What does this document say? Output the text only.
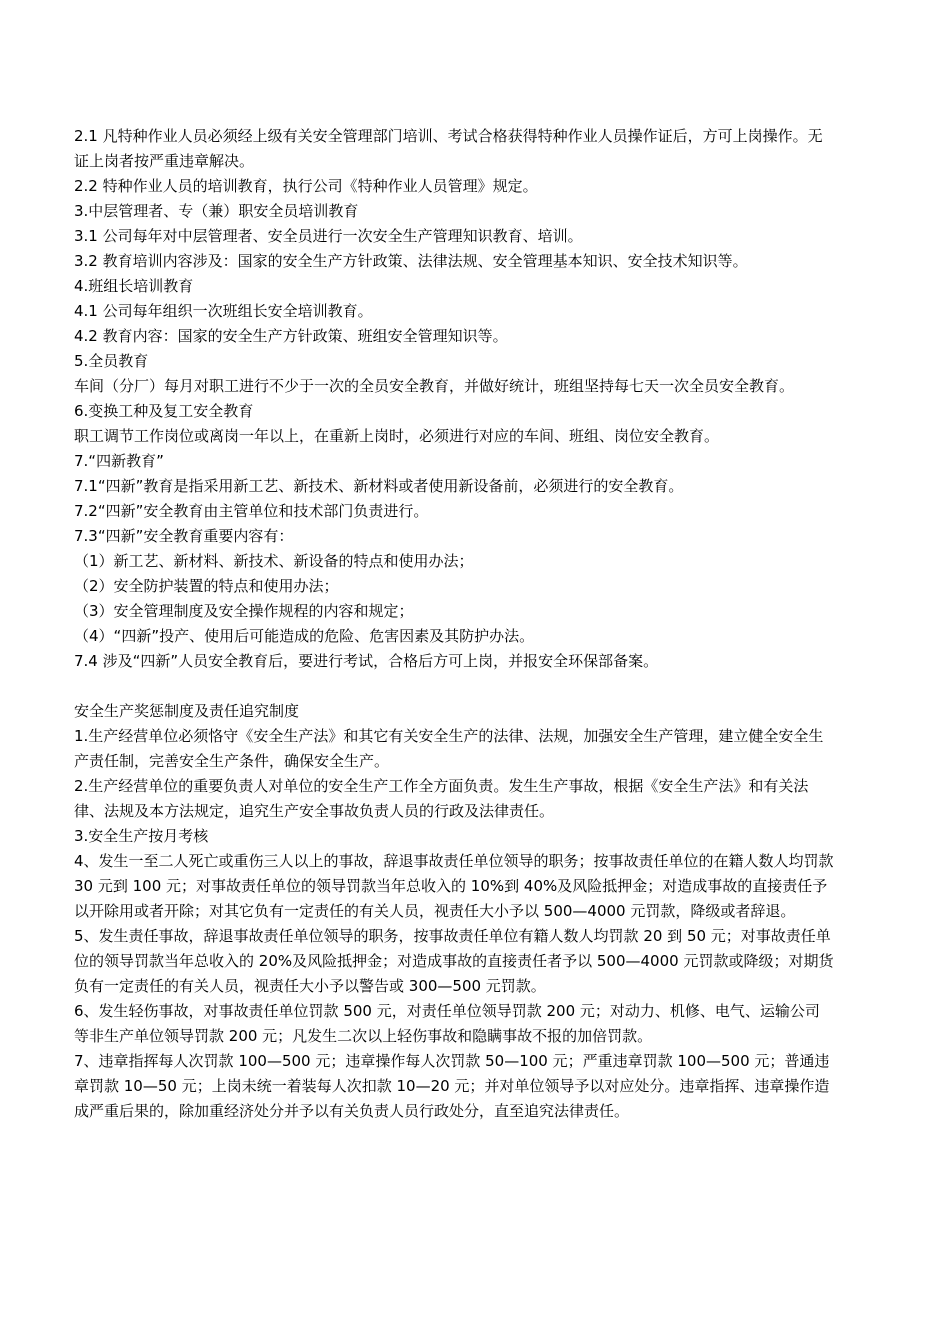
2.1 凡特种作业人员必须经上级有关安全管理部门培训、考试合格获得特种作业人员操作证后，方可上岗操作。无证上岗者按严重违章解决。

2.2 特种作业人员的培训教育，执行公司《特种作业人员管理》规定。

3.中层管理者、专（兼）职安全员培训教育

3.1 公司每年对中层管理者、安全员进行一次安全生产管理知识教育、培训。

3.2 教育培训内容涉及：国家的安全生产方针政策、法律法规、安全管理基本知识、安全技术知识等。

4.班组长培训教育

4.1 公司每年组织一次班组长安全培训教育。

4.2 教育内容：国家的安全生产方针政策、班组安全管理知识等。

5.全员教育

车间（分厂）每月对职工进行不少于一次的全员安全教育，并做好统计，班组坚持每七天一次全员安全教育。

6.变换工种及复工安全教育

职工调节工作岗位或离岗一年以上，在重新上岗时，必须进行对应的车间、班组、岗位安全教育。

7.“四新教育”

7.1“四新”教育是指采用新工艺、新技术、新材料或者使用新设备前，必须进行的安全教育。

7.2“四新”安全教育由主管单位和技术部门负责进行。

7.3“四新”安全教育重要内容有：

（1）新工艺、新材料、新技术、新设备的特点和使用办法；

（2）安全防护装置的特点和使用办法；

（3）安全管理制度及安全操作规程的内容和规定；

（4）“四新”投产、使用后可能造成的危险、危害因素及其防护办法。

7.4 涉及“四新”人员安全教育后，要进行考试，合格后方可上岗，并报安全环保部备案。

安全生产奖惩制度及责任追究制度

1.生产经营单位必须恪守《安全生产法》和其它有关安全生产的法律、法规，加强安全生产管理，建立健全安全生产责任制，完善安全生产条件，确保安全生产。

2.生产经营单位的重要负责人对单位的安全生产工作全方面负责。发生生产事故，根据《安全生产法》和有关法律、法规及本方法规定，追究生产安全事故负责人员的行政及法律责任。

3.安全生产按月考核

4、发生一至二人死亡或重伤三人以上的事故，辞退事故责任单位领导的职务；按事故责任单位的在籍人数人均罚款 30 元到 100 元；对事故责任单位的领导罚款当年总收入的 10%到 40%及风险抵押金；对造成事故的直接责任予以开除用或者开除；对其它负有一定责任的有关人员，视责任大小予以 500—4000 元罚款，降级或者辞退。

5、发生责任事故，辞退事故责任单位领导的职务，按事故责任单位有籍人数人均罚款 20 到 50 元；对事故责任单位的领导罚款当年总收入的 20%及风险抵押金；对造成事故的直接责任者予以 500—4000 元罚款或降级；对期货负有一定责任的有关人员，视责任大小予以警告或 300—500 元罚款。

6、发生轻伤事故，对事故责任单位罚款 500 元，对责任单位领导罚款 200 元；对动力、机修、电气、运输公司等非生产单位领导罚款 200 元；凡发生二次以上轻伤事故和隐瞒事故不报的加倍罚款。

7、违章指挥每人次罚款 100—500 元；违章操作每人次罚款 50—100 元；严重违章罚款 100—500 元；普通违章罚款 10—50 元；上岗未统一着装每人次扣款 10—20 元；并对单位领导予以对应处分。违章指挥、违章操作造成严重后果的，除加重经济处分并予以有关负责人员行政处分，直至追究法律责任。
